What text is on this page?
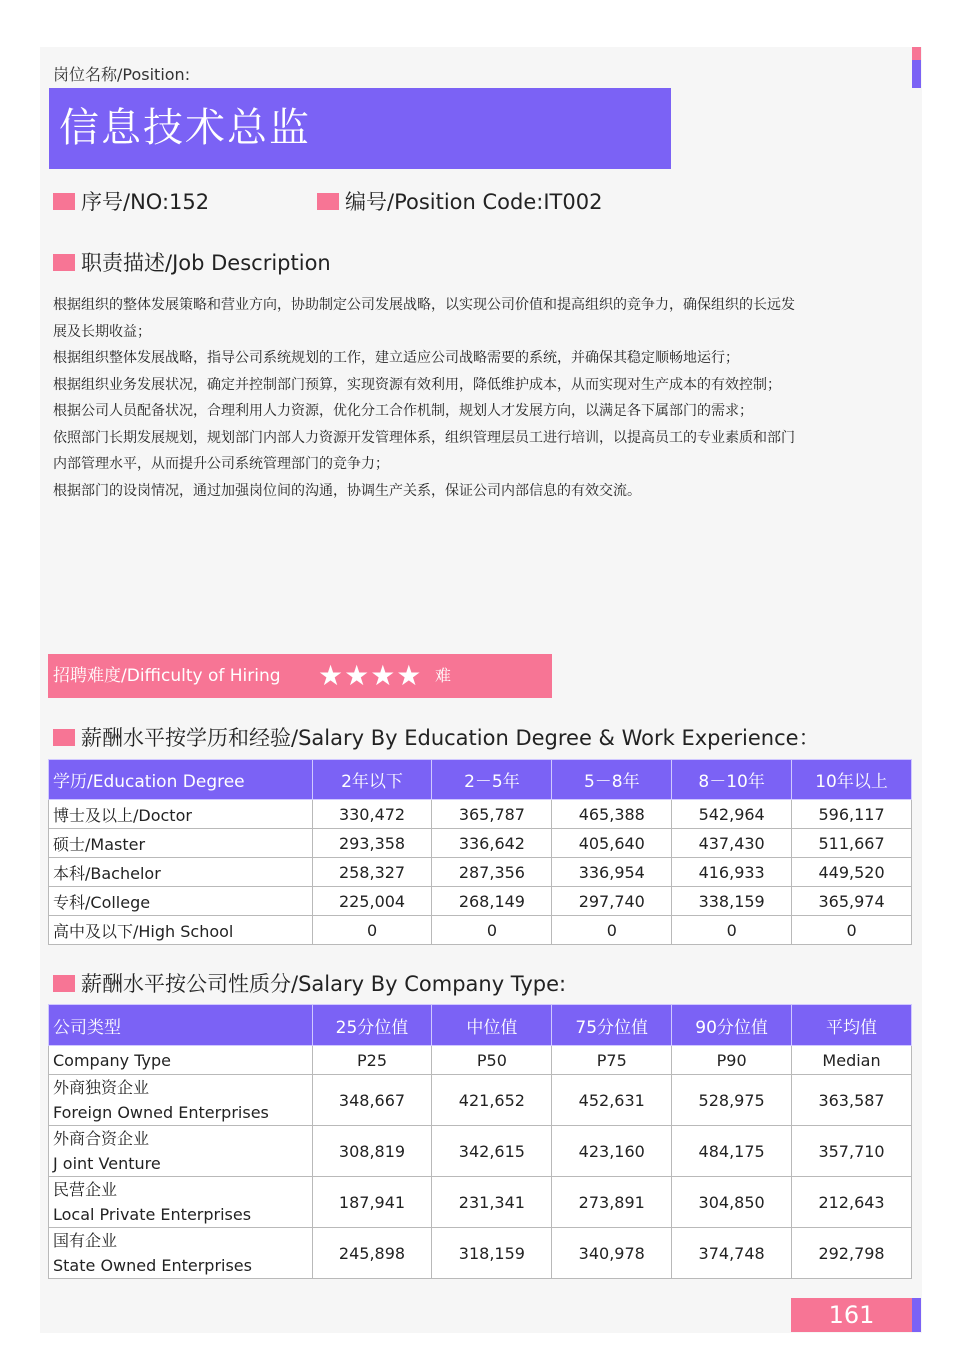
岗位名称/Position:
信息技术总监
序号/NO:152	编号/Position Code:IT002
职责描述/Job Description

根据组织的整体发展策略和营业方向，协助制定公司发展战略，以实现公司价值和提高组织的竞争力，确保组织的长远发

展及长期收益；

根据组织整体发展战略，指导公司系统规划的工作，建立适应公司战略需要的系统，并确保其稳定顺畅地运行；

根据组织业务发展状况，确定并控制部门预算，实现资源有效利用，降低维护成本，从而实现对生产成本的有效控制；

根据公司人员配备状况，合理利用人力资源，优化分工合作机制，规划人才发展方向，以满足各下属部门的需求；

依照部门长期发展规划，规划部门内部人力资源开发管理体系，组织管理层员工进行培训，以提高员工的专业素质和部门

内部管理水平，从而提升公司系统管理部门的竞争力；

根据部门的设岗情况，通过加强岗位间的沟通，协调生产关系，保证公司内部信息的有效交流。

招聘难度/Difficulty of Hiring ★★★★ 难
薪酬水平按学历和经验/Salary By Education Degree & Work Experience：
学历/Education Degree	2年以下	2－5年	5－8年	8－10年	10年以上
博士及以上/Doctor	330,472	365,787	465,388	542,964	596,117
硕士/Master	293,358	336,642	405,640	437,430	511,667
本科/Bachelor	258,327	287,356	336,954	416,933	449,520
专科/College	225,004	268,149	297,740	338,159	365,974
高中及以下/High School	0	0	0	0	0
薪酬水平按公司性质分/Salary By Company Type:
公司类型	25分位值	中位值	75分位值	90分位值	平均值
Company Type	P25	P50	P75	P90	Median

外商独资企业
Foreign Owned Enterprises	348,667	421,652	452,631	528,975	363,587

外商合资企业
J oint Venture	308,819	342,615	423,160	484,175	357,710

民营企业
Local Private Enterprises	187,941	231,341	273,891	304,850	212,643

国有企业
State Owned Enterprises	245,898	318,159	340,978	374,748	292,798
161
